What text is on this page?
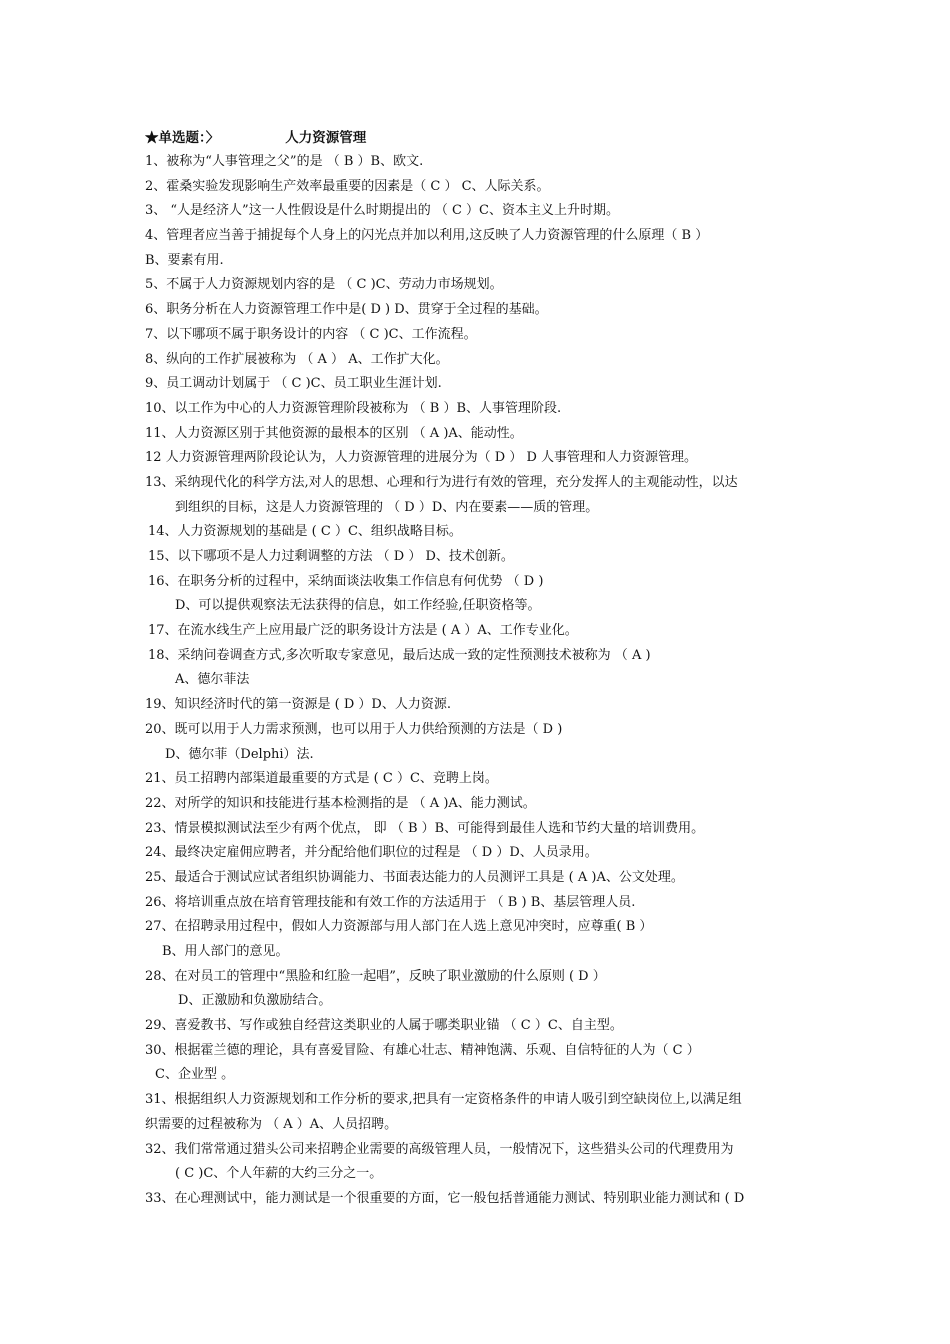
★单选题：〉	人力资源管理
1、被称为“人事管理之父”的是 （ B ）B、欧文.
2、霍桑实验发现影响生产效率最重要的因素是（ C ） C、人际关系。
3、 “人是经济人”这一人性假设是什么时期提出的 （ C ）C、资本主义上升时期。
4、管理者应当善于捕捉每个人身上的闪光点并加以利用,这反映了人力资源管理的什么原理（ B ）
B、要素有用.
5、不属于人力资源规划内容的是 （ C )C、劳动力市场规划。
6、职务分析在人力资源管理工作中是( D ) D、贯穿于全过程的基础。
7、以下哪项不属于职务设计的内容 （ C )C、工作流程。
8、纵向的工作扩展被称为 （ A ） A、工作扩大化。
9、员工调动计划属于 （ C )C、员工职业生涯计划.
10、以工作为中心的人力资源管理阶段被称为 （ B ）B、人事管理阶段.
11、人力资源区别于其他资源的最根本的区别 （ A )A、能动性。
12 人力资源管理两阶段论认为，人力资源管理的进展分为（ D ） D 人事管理和人力资源管理。
13、采纳现代化的科学方法,对人的思想、心理和行为进行有效的管理，充分发挥人的主观能动性，以达
到组织的目标，这是人力资源管理的 （ D ）D、内在要素——质的管理。
14、人力资源规划的基础是 ( C ）C、组织战略目标。
15、以下哪项不是人力过剩调整的方法 （ D ） D、技术创新。
16、在职务分析的过程中，采纳面谈法收集工作信息有何优势 （ D )
D、可以提供观察法无法获得的信息，如工作经验,任职资格等。
17、在流水线生产上应用最广泛的职务设计方法是 ( A ）A、工作专业化。
18、采纳问卷调查方式,多次听取专家意见，最后达成一致的定性预测技术被称为 （ A )
A、德尔菲法
19、知识经济时代的第一资源是 ( D ）D、人力资源.
20、既可以用于人力需求预测，也可以用于人力供给预测的方法是（ D )
D、德尔菲（Delphi）法.
21、员工招聘内部渠道最重要的方式是 ( C ）C、竞聘上岗。
22、对所学的知识和技能进行基本检测指的是 （ A )A、能力测试。
23、情景模拟测试法至少有两个优点， 即 （ B ）B、可能得到最佳人选和节约大量的培训费用。
24、最终决定雇佣应聘者，并分配给他们职位的过程是 （ D ）D、人员录用。
25、最适合于测试应试者组织协调能力、书面表达能力的人员测评工具是 ( A )A、公文处理。
26、将培训重点放在培育管理技能和有效工作的方法适用于 （ B ) B、基层管理人员.
27、在招聘录用过程中，假如人力资源部与用人部门在人选上意见冲突时，应尊重( B ）
B、用人部门的意见。
28、在对员工的管理中“黑脸和红脸一起唱”，反映了职业激励的什么原则 ( D ）
D、正激励和负激励结合。
29、喜爱教书、写作或独自经营这类职业的人属于哪类职业锚 （ C ）C、自主型。
30、根据霍兰德的理论，具有喜爱冒险、有雄心壮志、精神饱满、乐观、自信特征的人为（ C ）
C、企业型 。
31、根据组织人力资源规划和工作分析的要求,把具有一定资格条件的申请人吸引到空缺岗位上,以满足组
织需要的过程被称为 （ A ）A、人员招聘。
32、我们常常通过猎头公司来招聘企业需要的高级管理人员，一般情况下，这些猎头公司的代理费用为
( C )C、个人年薪的大约三分之一。
33、在心理测试中，能力测试是一个很重要的方面，它一般包括普通能力测试、特别职业能力测试和 ( D
